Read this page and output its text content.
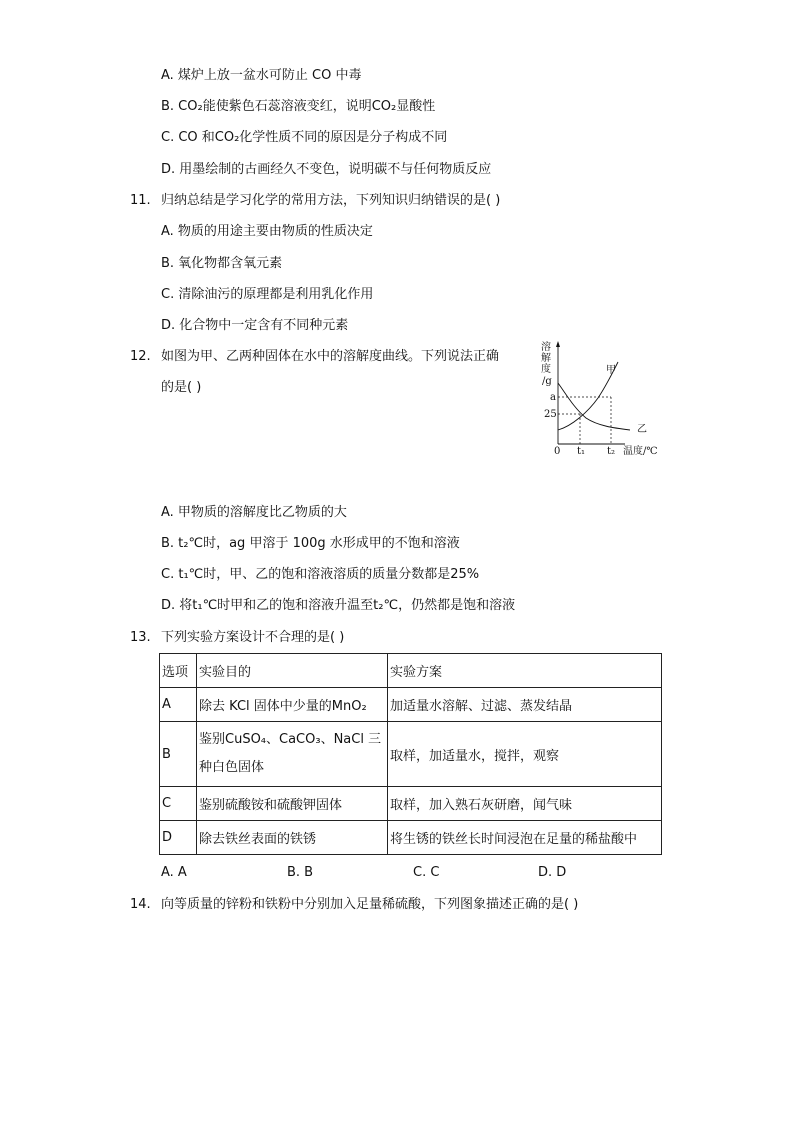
A. 煤炉上放一盆水可防止 CO 中毒
B. CO₂能使紫色石蕊溶液变红，说明CO₂显酸性
C. CO 和CO₂化学性质不同的原因是分子构成不同
D. 用墨绘制的古画经久不变色，说明碳不与任何物质反应
11. 归纳总结是学习化学的常用方法，下列知识归纳错误的是( )
A. 物质的用途主要由物质的性质决定
B. 氧化物都含氧元素
C. 清除油污的原理都是利用乳化作用
D. 化合物中一定含有不同种元素
12. 如图为甲、乙两种固体在水中的溶解度曲线。下列说法正确
的是( )
溶
解
度
/g
a
25
0 t₁ t₂ 温度/℃
甲
乙
A. 甲物质的溶解度比乙物质的大
B. t₂℃时，ag 甲溶于 100g 水形成甲的不饱和溶液
C. t₁℃时，甲、乙的饱和溶液溶质的质量分数都是25%
D. 将t₁℃时甲和乙的饱和溶液升温至t₂℃，仍然都是饱和溶液
13. 下列实验方案设计不合理的是( )
选项	实验目的	实验方案
A	除去 KCl 固体中少量的MnO₂	加适量水溶解、过滤、蒸发结晶
B	鉴别CuSO₄、CaCO₃、NaCl 三种白色固体	取样，加适量水，搅拌，观察
C	鉴别硫酸铵和硫酸钾固体	取样，加入熟石灰研磨，闻气味
D	除去铁丝表面的铁锈	将生锈的铁丝长时间浸泡在足量的稀盐酸中
A. A	B. B	C. C	D. D
14. 向等质量的锌粉和铁粉中分别加入足量稀硫酸，下列图象描述正确的是( )
